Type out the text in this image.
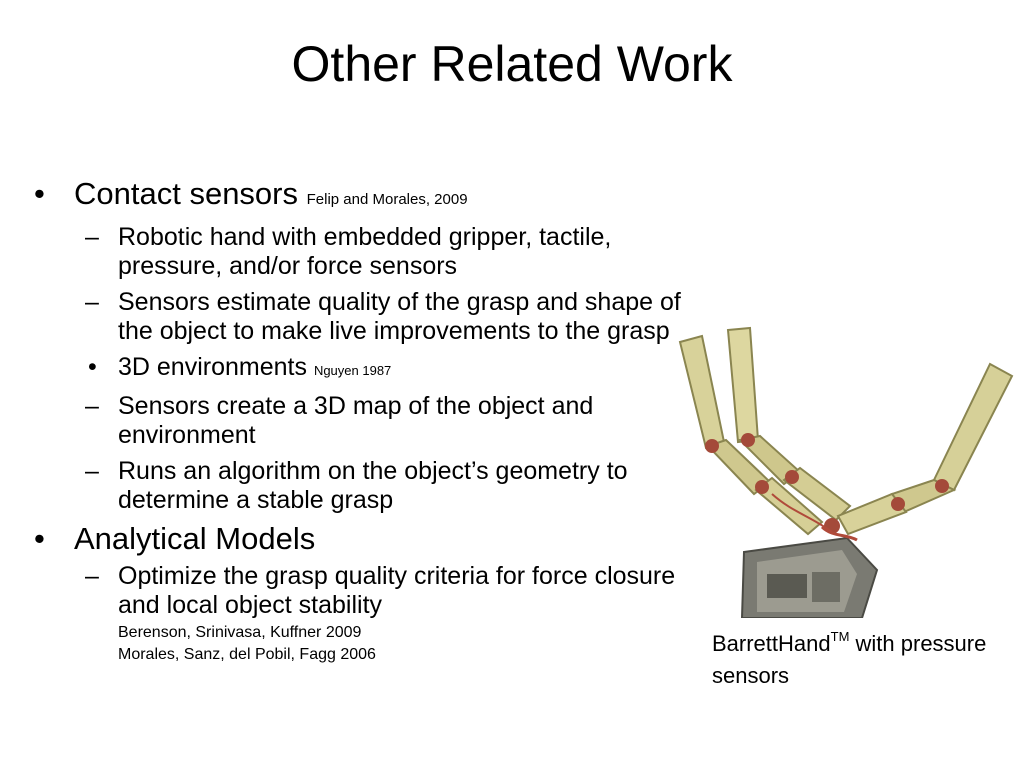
Other Related Work
• Contact sensors Felip and Morales, 2009
– Robotic hand with embedded gripper, tactile, pressure, and/or force sensors
– Sensors estimate quality of the grasp and shape of the object to make live improvements to the grasp
• 3D environments Nguyen 1987
– Sensors create a 3D map of the object and environment
– Runs an algorithm on the object’s geometry to determine a stable grasp
• Analytical Models
– Optimize the grasp quality criteria for force closure and local object stability
Berenson, Srinivasa, Kuffner 2009
Morales, Sanz, del Pobil, Fagg 2006	BarrettHand™ with pressure sensors
